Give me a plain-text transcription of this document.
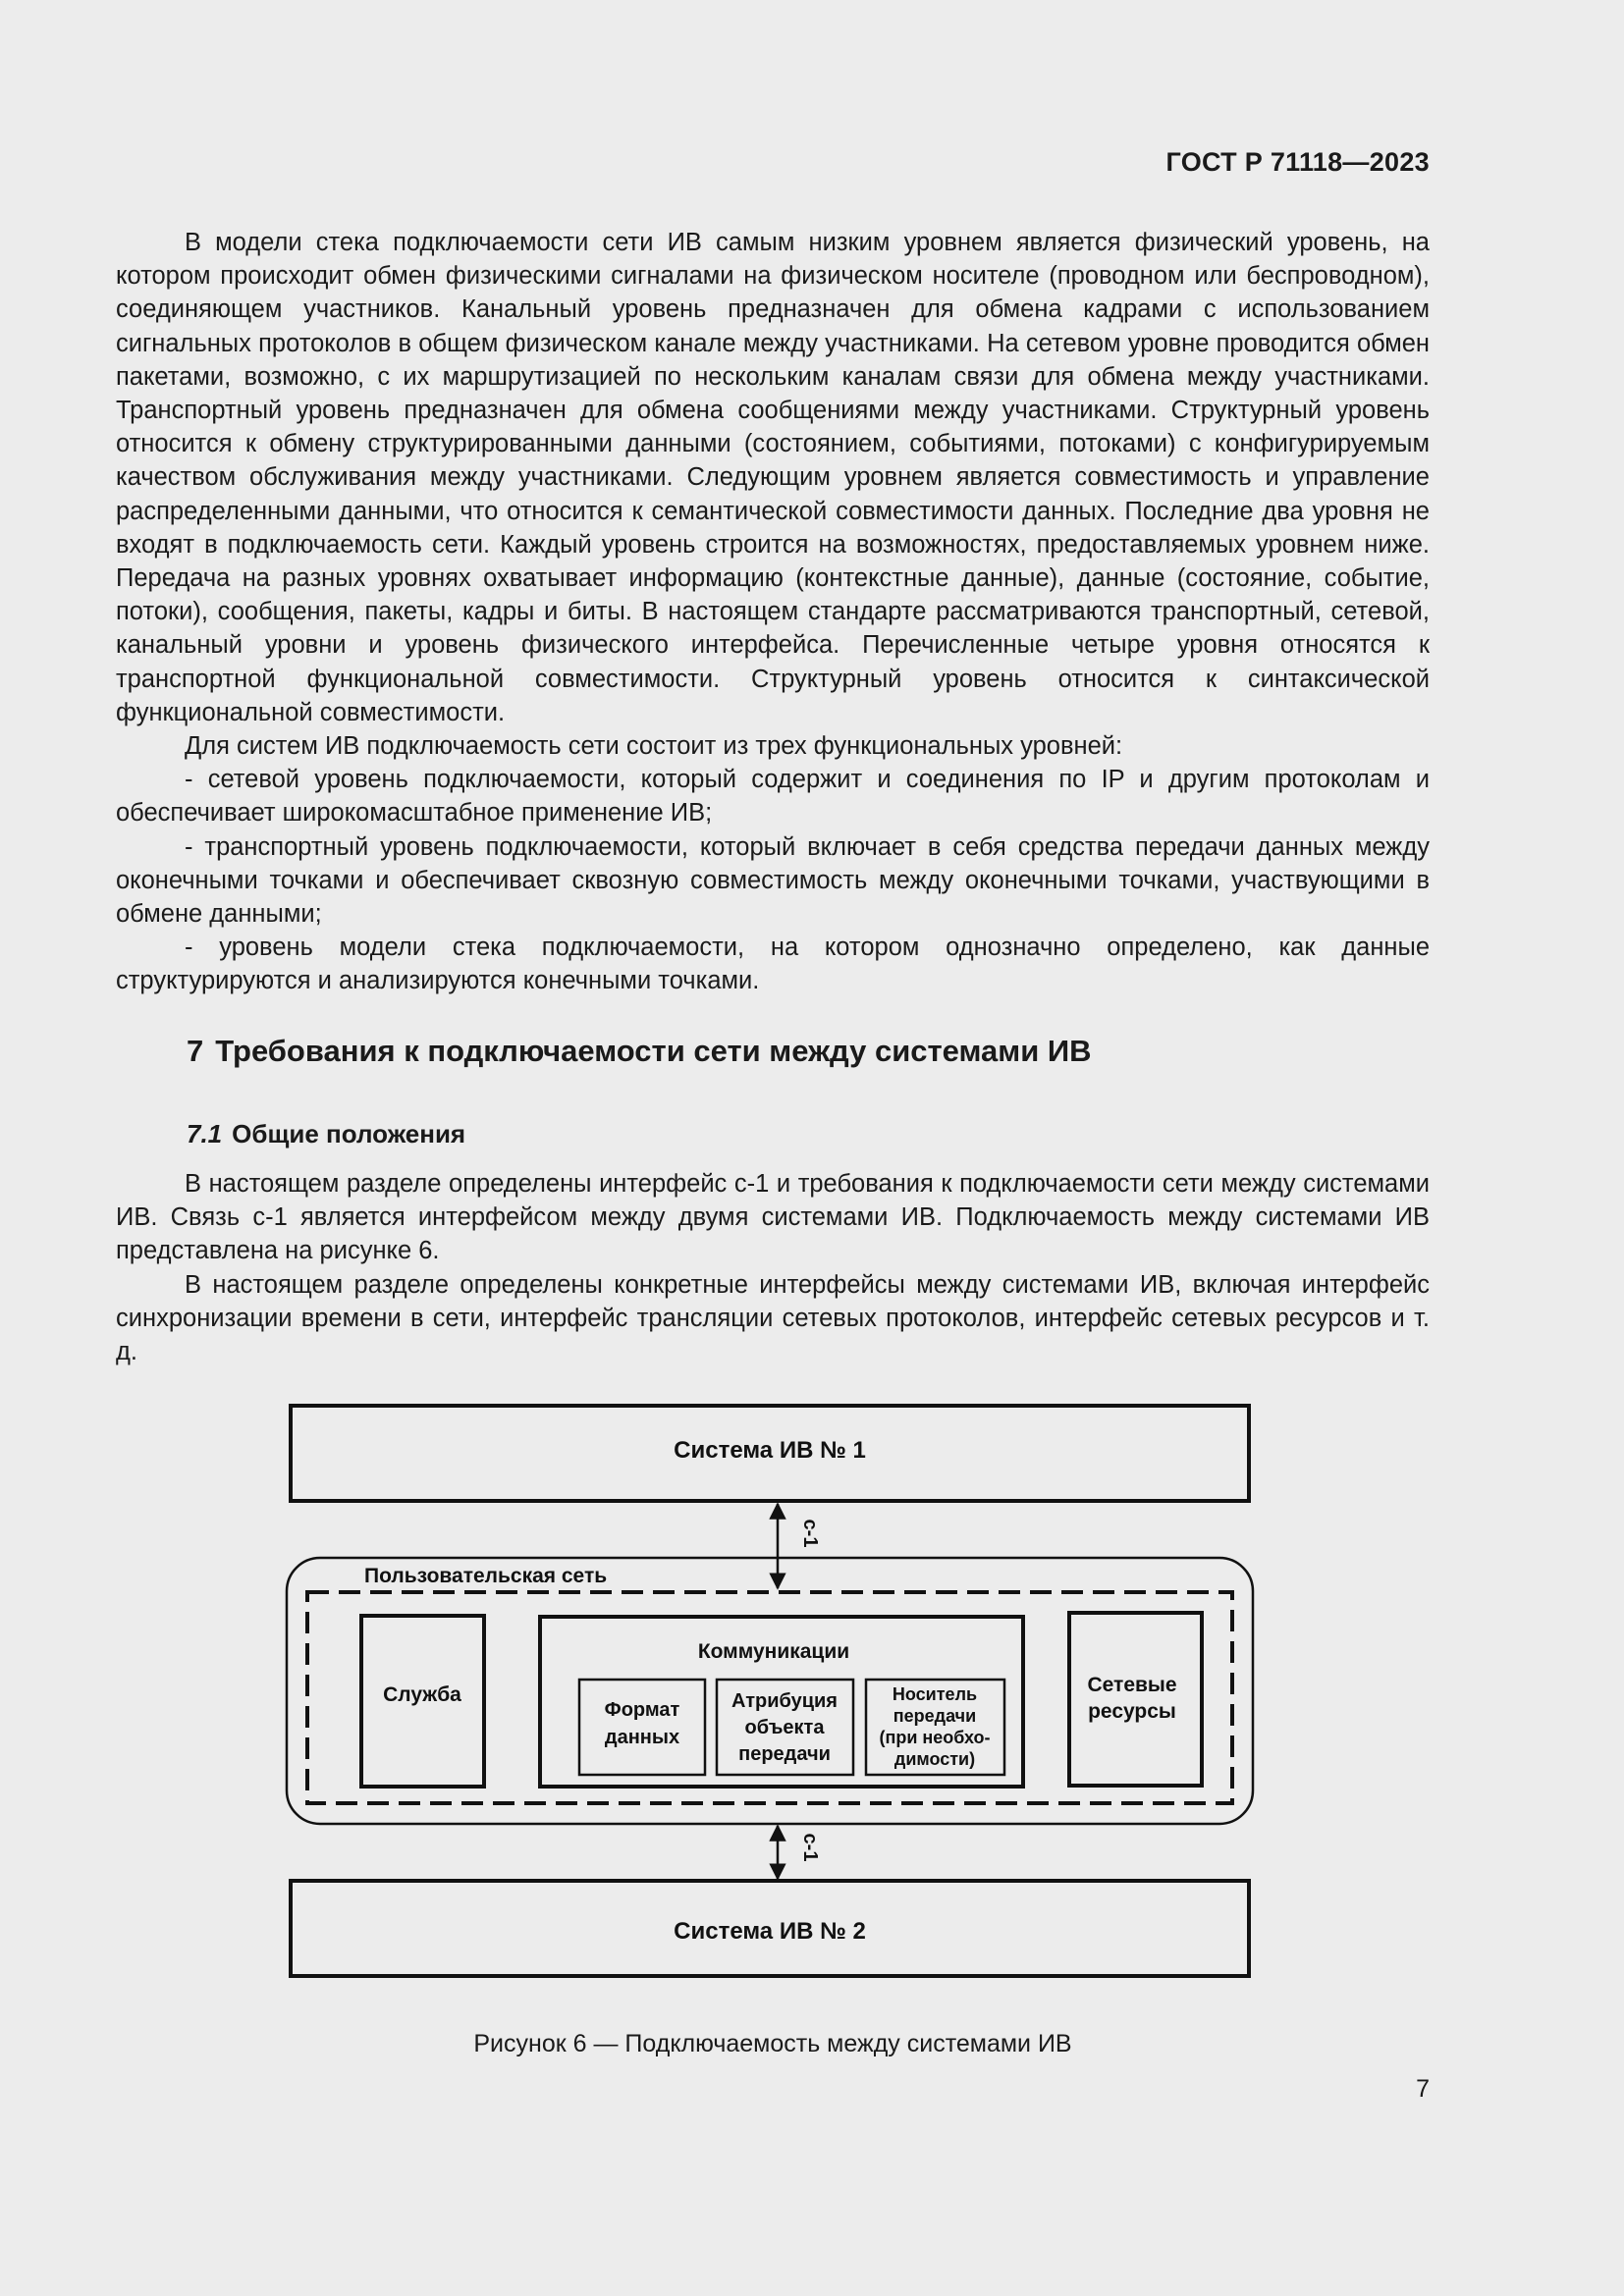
ГОСТ Р 71118—2023

В модели стека подключаемости сети ИВ самым низким уровнем является физический уровень, на котором происходит обмен физическими сигналами на физическом носителе (проводном или беспроводном), соединяющем участников. Канальный уровень предназначен для обмена кадрами с использованием сигнальных протоколов в общем физическом канале между участниками. На сетевом уровне проводится обмен пакетами, возможно, с их маршрутизацией по нескольким каналам связи для обмена между участниками. Транспортный уровень предназначен для обмена сообщениями между участниками. Структурный уровень относится к обмену структурированными данными (состоянием, событиями, потоками) с конфигурируемым качеством обслуживания между участниками. Следующим уровнем является совместимость и управление распределенными данными, что относится к семантической совместимости данных. Последние два уровня не входят в подключаемость сети. Каждый уровень строится на возможностях, предоставляемых уровнем ниже. Передача на разных уровнях охватывает информацию (контекстные данные), данные (состояние, событие, потоки), сообщения, пакеты, кадры и биты. В настоящем стандарте рассматриваются транспортный, сетевой, канальный уровни и уровень физического интерфейса. Перечисленные четыре уровня относятся к транспортной функциональной совместимости. Структурный уровень относится к синтаксической функциональной совместимости.

Для систем ИВ подключаемость сети состоит из трех функциональных уровней:

- сетевой уровень подключаемости, который содержит и соединения по IP и другим протоколам и обеспечивает широкомасштабное применение ИВ;

- транспортный уровень подключаемости, который включает в себя средства передачи данных между оконечными точками и обеспечивает сквозную совместимость между оконечными точками, участвующими в обмене данными;

- уровень модели стека подключаемости, на котором однозначно определено, как данные структурируются и анализируются конечными точками.

7 Требования к подключаемости сети между системами ИВ
7.1 Общие положения

В настоящем разделе определены интерфейс с-1 и требования к подключаемости сети между системами ИВ. Связь с-1 является интерфейсом между двумя системами ИВ. Подключаемость между системами ИВ представлена на рисунке 6.

В настоящем разделе определены конкретные интерфейсы между системами ИВ, включая интерфейс синхронизации времени в сети, интерфейс трансляции сетевых протоколов, интерфейс сетевых ресурсов и т. д.

Система ИВ № 1
с-1
Пользовательская сеть
Служба
Коммуникации
Формат
данных
Атрибуция
объекта
передачи
Носитель
передачи
(при необхо-
димости)
Сетевые
ресурсы
с-1
Система ИВ № 2
Рисунок 6 — Подключаемость между системами ИВ
7
